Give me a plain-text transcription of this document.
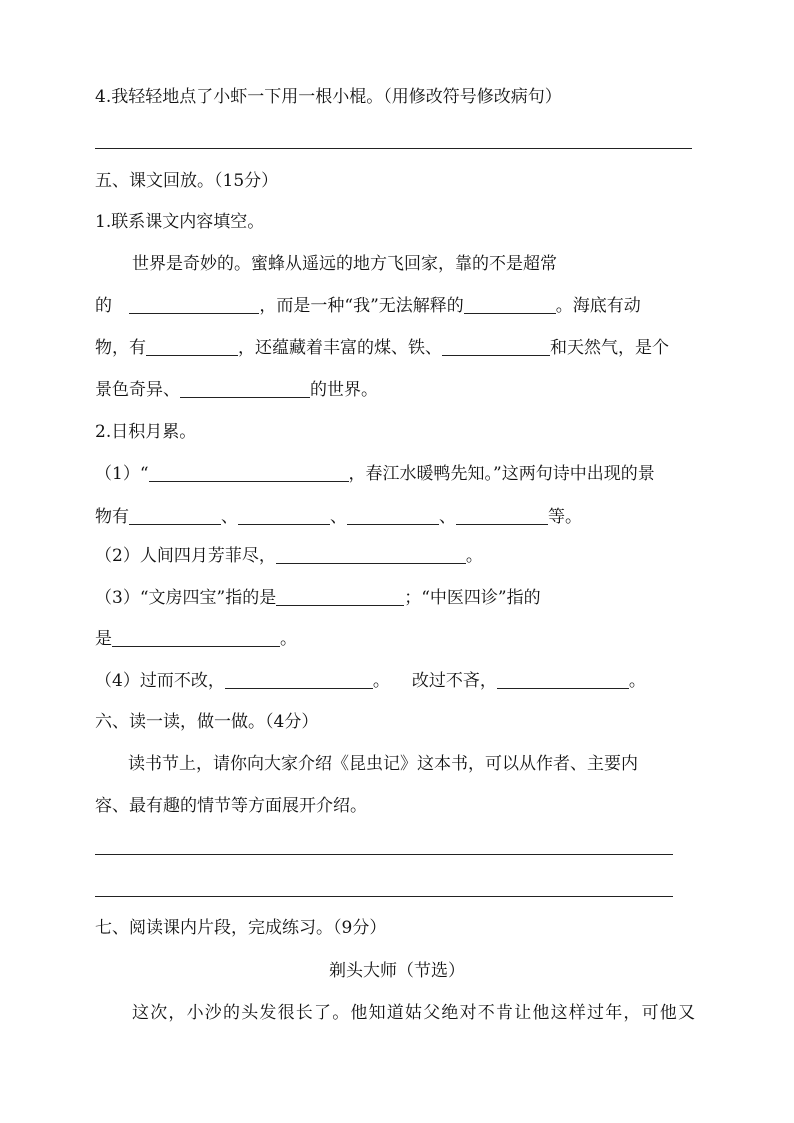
4.我轻轻地点了小虾一下用一根小棍。（用修改符号修改病句）
五、课文回放。（15分）
1.联系课文内容填空。
世界是奇妙的。蜜蜂从遥远的地方飞回家，靠的不是超常
的	，而是一种“我”无法解释的	。海底有动
物，有	，还蕴藏着丰富的煤、铁、	和天然气，是个
景色奇异、	的世界。
2.日积月累。
（1）“	，春江水暖鸭先知。”这两句诗中出现的景
物有	、	、	、	等。
（2）人间四月芳菲尽，	。
（3）“文房四宝”指的是	；“中医四诊”指的
是	。
（4）过而不改，	。 改过不吝，	。
六、读一读，做一做。（4分）
读书节上，请你向大家介绍《昆虫记》这本书，可以从作者、主要内
容、最有趣的情节等方面展开介绍。
七、阅读课内片段，完成练习。（9分）
剃头大师（节选）
这次，小沙的头发很长了。他知道姑父绝对不肯让他这样过年，可他又
